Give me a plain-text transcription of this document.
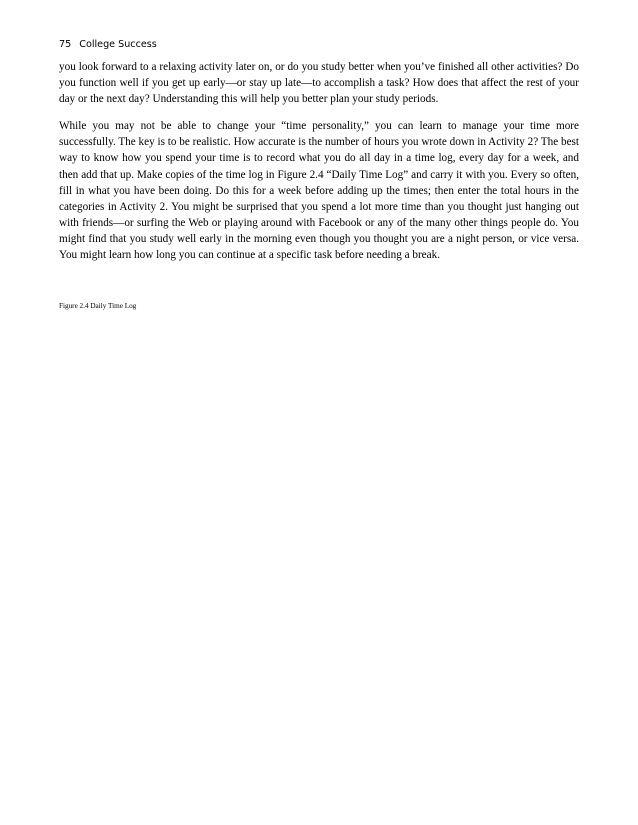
75 College Success

you look forward to a relaxing activity later on, or do you study better when you’ve finished all other activities? Do you function well if you get up early—or stay up late—to accomplish a task? How does that affect the rest of your day or the next day? Understanding this will help you better plan your study periods.

While you may not be able to change your “time personality,” you can learn to manage your time more successfully. The key is to be realistic. How accurate is the number of hours you wrote down in Activity 2? The best way to know how you spend your time is to record what you do all day in a time log, every day for a week, and then add that up. Make copies of the time log in Figure 2.4 “Daily Time Log” and carry it with you. Every so often, fill in what you have been doing. Do this for a week before adding up the times; then enter the total hours in the categories in Activity 2. You might be surprised that you spend a lot more time than you thought just hanging out with friends—or surfing the Web or playing around with Facebook or any of the many other things people do. You might find that you study well early in the morning even though you thought you are a night person, or vice versa. You might learn how long you can continue at a specific task before needing a break.

Figure 2.4 Daily Time Log
